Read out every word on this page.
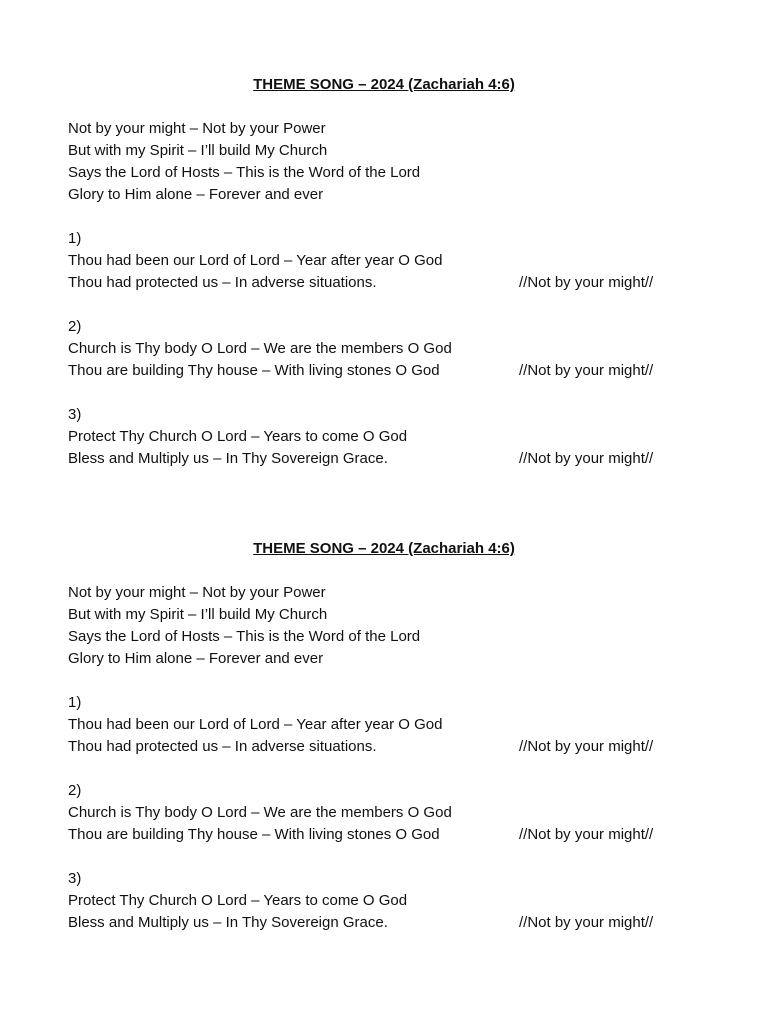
THEME SONG – 2024 (Zachariah 4:6)
Not by your might – Not by your Power
But with my Spirit – I’ll build My Church
Says the Lord of Hosts – This is the Word of the Lord
Glory to Him alone – Forever and ever
1)
Thou had been our Lord of Lord – Year after year O God
Thou had protected us – In adverse situations.	//Not by your might//
2)
Church is Thy body O Lord – We are the members O God
Thou are building Thy house – With living stones O God	//Not by your might//
3)
Protect Thy Church O Lord – Years to come O God
Bless and Multiply us – In Thy Sovereign Grace.	//Not by your might//
THEME SONG – 2024 (Zachariah 4:6)
Not by your might – Not by your Power
But with my Spirit – I’ll build My Church
Says the Lord of Hosts – This is the Word of the Lord
Glory to Him alone – Forever and ever
1)
Thou had been our Lord of Lord – Year after year O God
Thou had protected us – In adverse situations.	//Not by your might//
2)
Church is Thy body O Lord – We are the members O God
Thou are building Thy house – With living stones O God	//Not by your might//
3)
Protect Thy Church O Lord – Years to come O God
Bless and Multiply us – In Thy Sovereign Grace.	//Not by your might//
